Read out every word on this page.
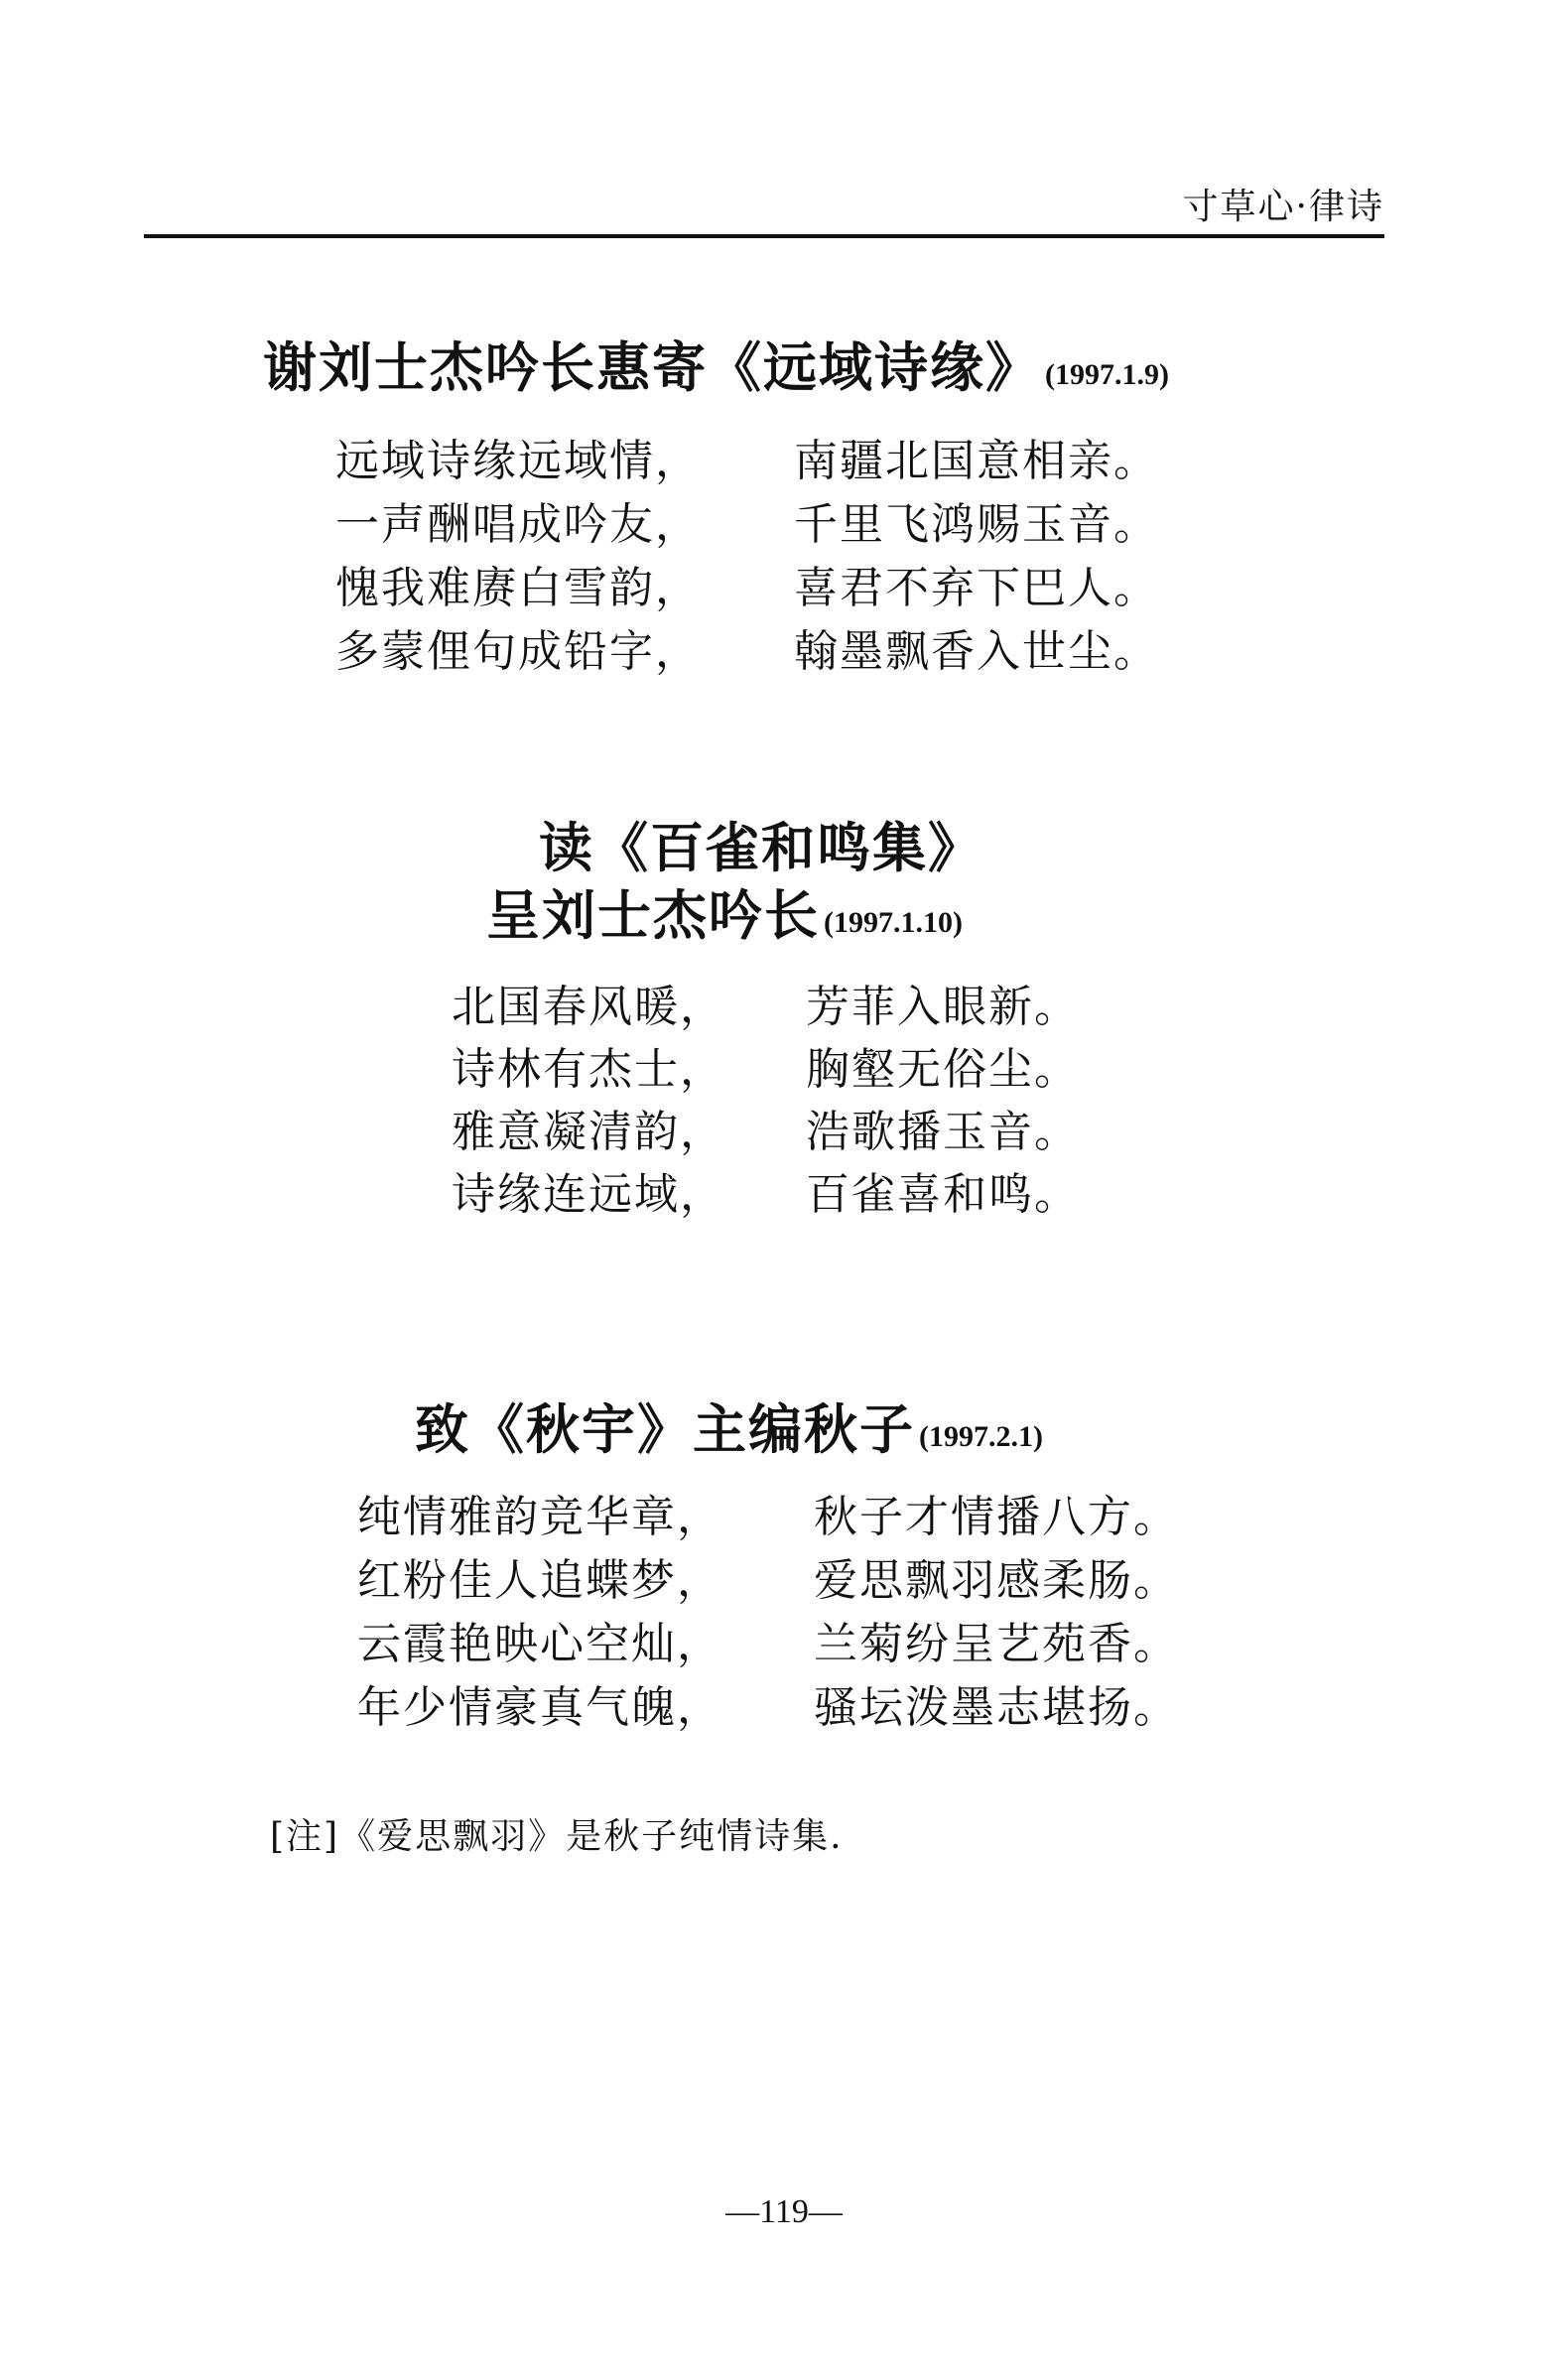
寸草心·律诗
谢刘士杰吟长惠寄《远域诗缘》 (1997.1.9)
远域诗缘远域情， 南疆北国意相亲。
一声酬唱成吟友， 千里飞鸿赐玉音。
愧我难赓白雪韵， 喜君不弃下巴人。
多蒙俚句成铅字， 翰墨飘香入世尘。
读《百雀和鸣集》
呈刘士杰吟长 (1997.1.10)
北国春风暖， 芳菲入眼新。
诗林有杰士， 胸壑无俗尘。
雅意凝清韵， 浩歌播玉音。
诗缘连远域， 百雀喜和鸣。
致《秋宇》主编秋子 (1997.2.1)
纯情雅韵竞华章， 秋子才情播八方。
红粉佳人追蝶梦， 爱思飘羽感柔肠。
云霞艳映心空灿， 兰菊纷呈艺苑香。
年少情豪真气魄， 骚坛泼墨志堪扬。
[注]《爱思飘羽》是秋子纯情诗集.
—119—
